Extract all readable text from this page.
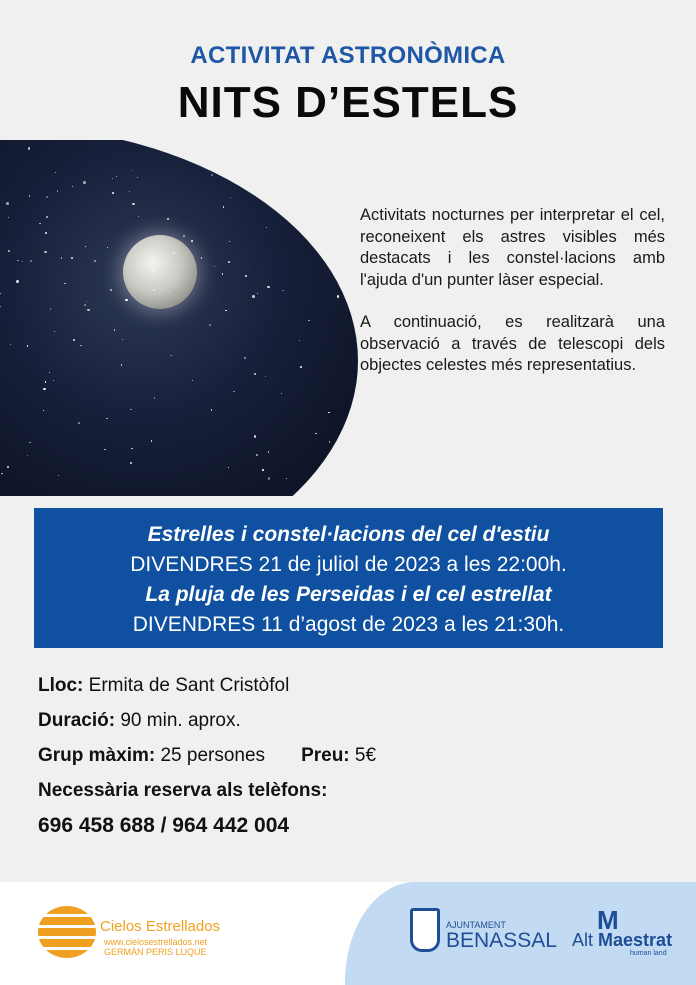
ACTIVITAT ASTRONÒMICA
NITS D’ESTELS

Activitats nocturnes per interpretar el cel, reconeixent els astres visibles més destacats i les constel·lacions amb l'ajuda d'un punter làser especial.

A continuació, es realitzarà una observació a través de telescopi dels objectes celestes més representatius.

Estrelles i constel·lacions del cel d'estiu
DIVENDRES 21 de juliol de 2023 a les 22:00h.
La pluja de les Perseidas i el cel estrellat
DIVENDRES 11 d’agost de 2023 a les 21:30h.
Lloc: Ermita de Sant Cristòfol
Duració: 90 min. aprox.
Grup màxim: 25 persones Preu: 5€
Necessària reserva als telèfons:
696 458 688 / 964 442 004
Cielos Estrellados
www.cielosestrellados.net
GERMÁN PERIS LUQUE
AJUNTAMENT
BENASSAL
M
Alt Maestrat
human land
